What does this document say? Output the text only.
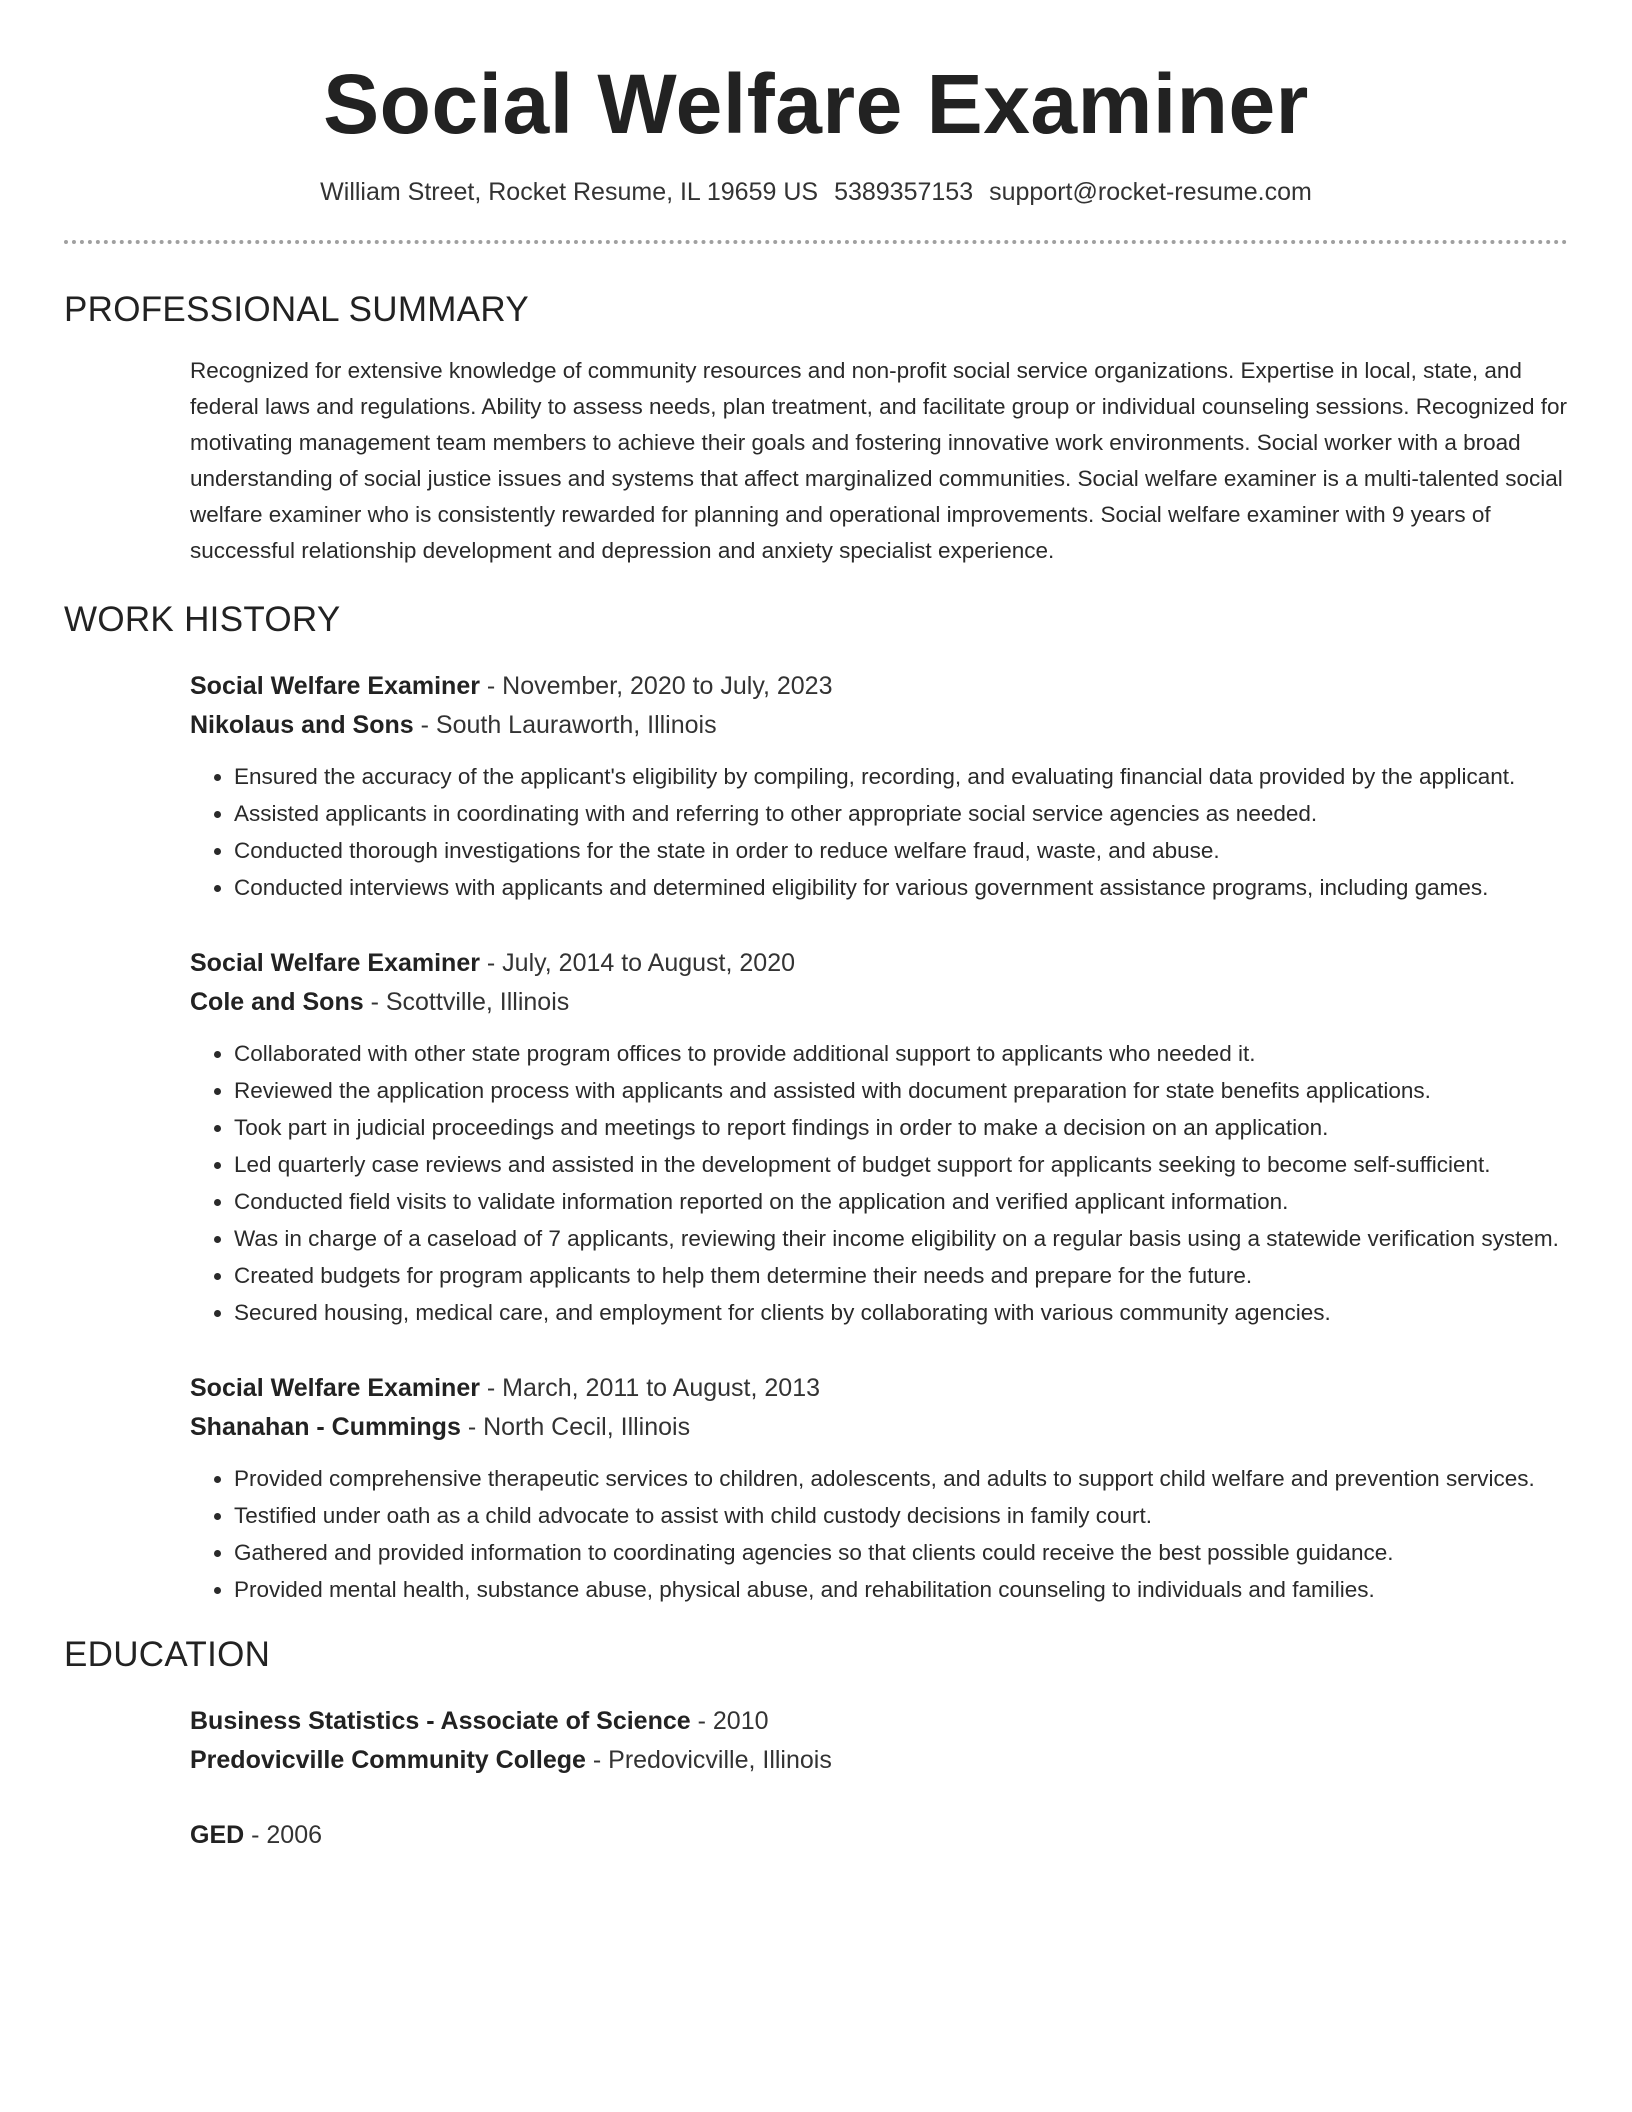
Social Welfare Examiner
William Street, Rocket Resume, IL 19659 US 5389357153 support@rocket-resume.com
PROFESSIONAL SUMMARY
Recognized for extensive knowledge of community resources and non-profit social service organizations. Expertise in local, state, and federal laws and regulations. Ability to assess needs, plan treatment, and facilitate group or individual counseling sessions. Recognized for motivating management team members to achieve their goals and fostering innovative work environments. Social worker with a broad understanding of social justice issues and systems that affect marginalized communities. Social welfare examiner is a multi-talented social welfare examiner who is consistently rewarded for planning and operational improvements. Social welfare examiner with 9 years of successful relationship development and depression and anxiety specialist experience.
WORK HISTORY
Social Welfare Examiner - November, 2020 to July, 2023
Nikolaus and Sons - South Lauraworth, Illinois
• Ensured the accuracy of the applicant's eligibility by compiling, recording, and evaluating financial data provided by the applicant.
• Assisted applicants in coordinating with and referring to other appropriate social service agencies as needed.
• Conducted thorough investigations for the state in order to reduce welfare fraud, waste, and abuse.
• Conducted interviews with applicants and determined eligibility for various government assistance programs, including games.
Social Welfare Examiner - July, 2014 to August, 2020
Cole and Sons - Scottville, Illinois
• Collaborated with other state program offices to provide additional support to applicants who needed it.
• Reviewed the application process with applicants and assisted with document preparation for state benefits applications.
• Took part in judicial proceedings and meetings to report findings in order to make a decision on an application.
• Led quarterly case reviews and assisted in the development of budget support for applicants seeking to become self-sufficient.
• Conducted field visits to validate information reported on the application and verified applicant information.
• Was in charge of a caseload of 7 applicants, reviewing their income eligibility on a regular basis using a statewide verification system.
• Created budgets for program applicants to help them determine their needs and prepare for the future.
• Secured housing, medical care, and employment for clients by collaborating with various community agencies.
Social Welfare Examiner - March, 2011 to August, 2013
Shanahan - Cummings - North Cecil, Illinois
• Provided comprehensive therapeutic services to children, adolescents, and adults to support child welfare and prevention services.
• Testified under oath as a child advocate to assist with child custody decisions in family court.
• Gathered and provided information to coordinating agencies so that clients could receive the best possible guidance.
• Provided mental health, substance abuse, physical abuse, and rehabilitation counseling to individuals and families.
EDUCATION
Business Statistics - Associate of Science - 2010
Predovicville Community College - Predovicville, Illinois
GED - 2006
